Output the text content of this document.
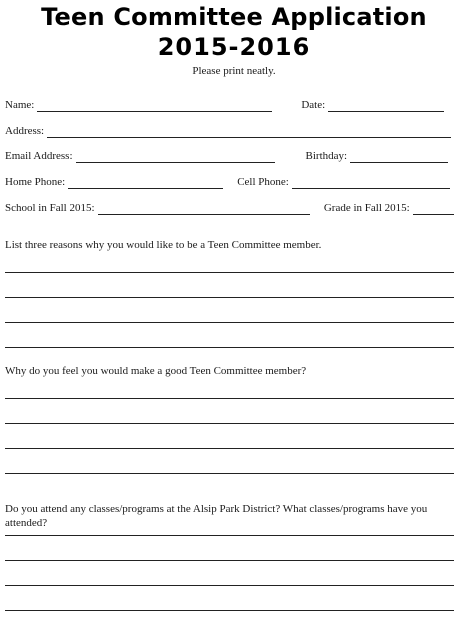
Teen Committee Application
2015-2016
Please print neatly.
Name:	Date:
Address:
Email Address:	Birthday:
Home Phone:	Cell Phone:
School in Fall 2015:	Grade in Fall 2015:
List three reasons why you would like to be a Teen Committee member.
Why do you feel you would make a good Teen Committee member?
Do you attend any classes/programs at the Alsip Park District? What classes/programs have you
attended?
